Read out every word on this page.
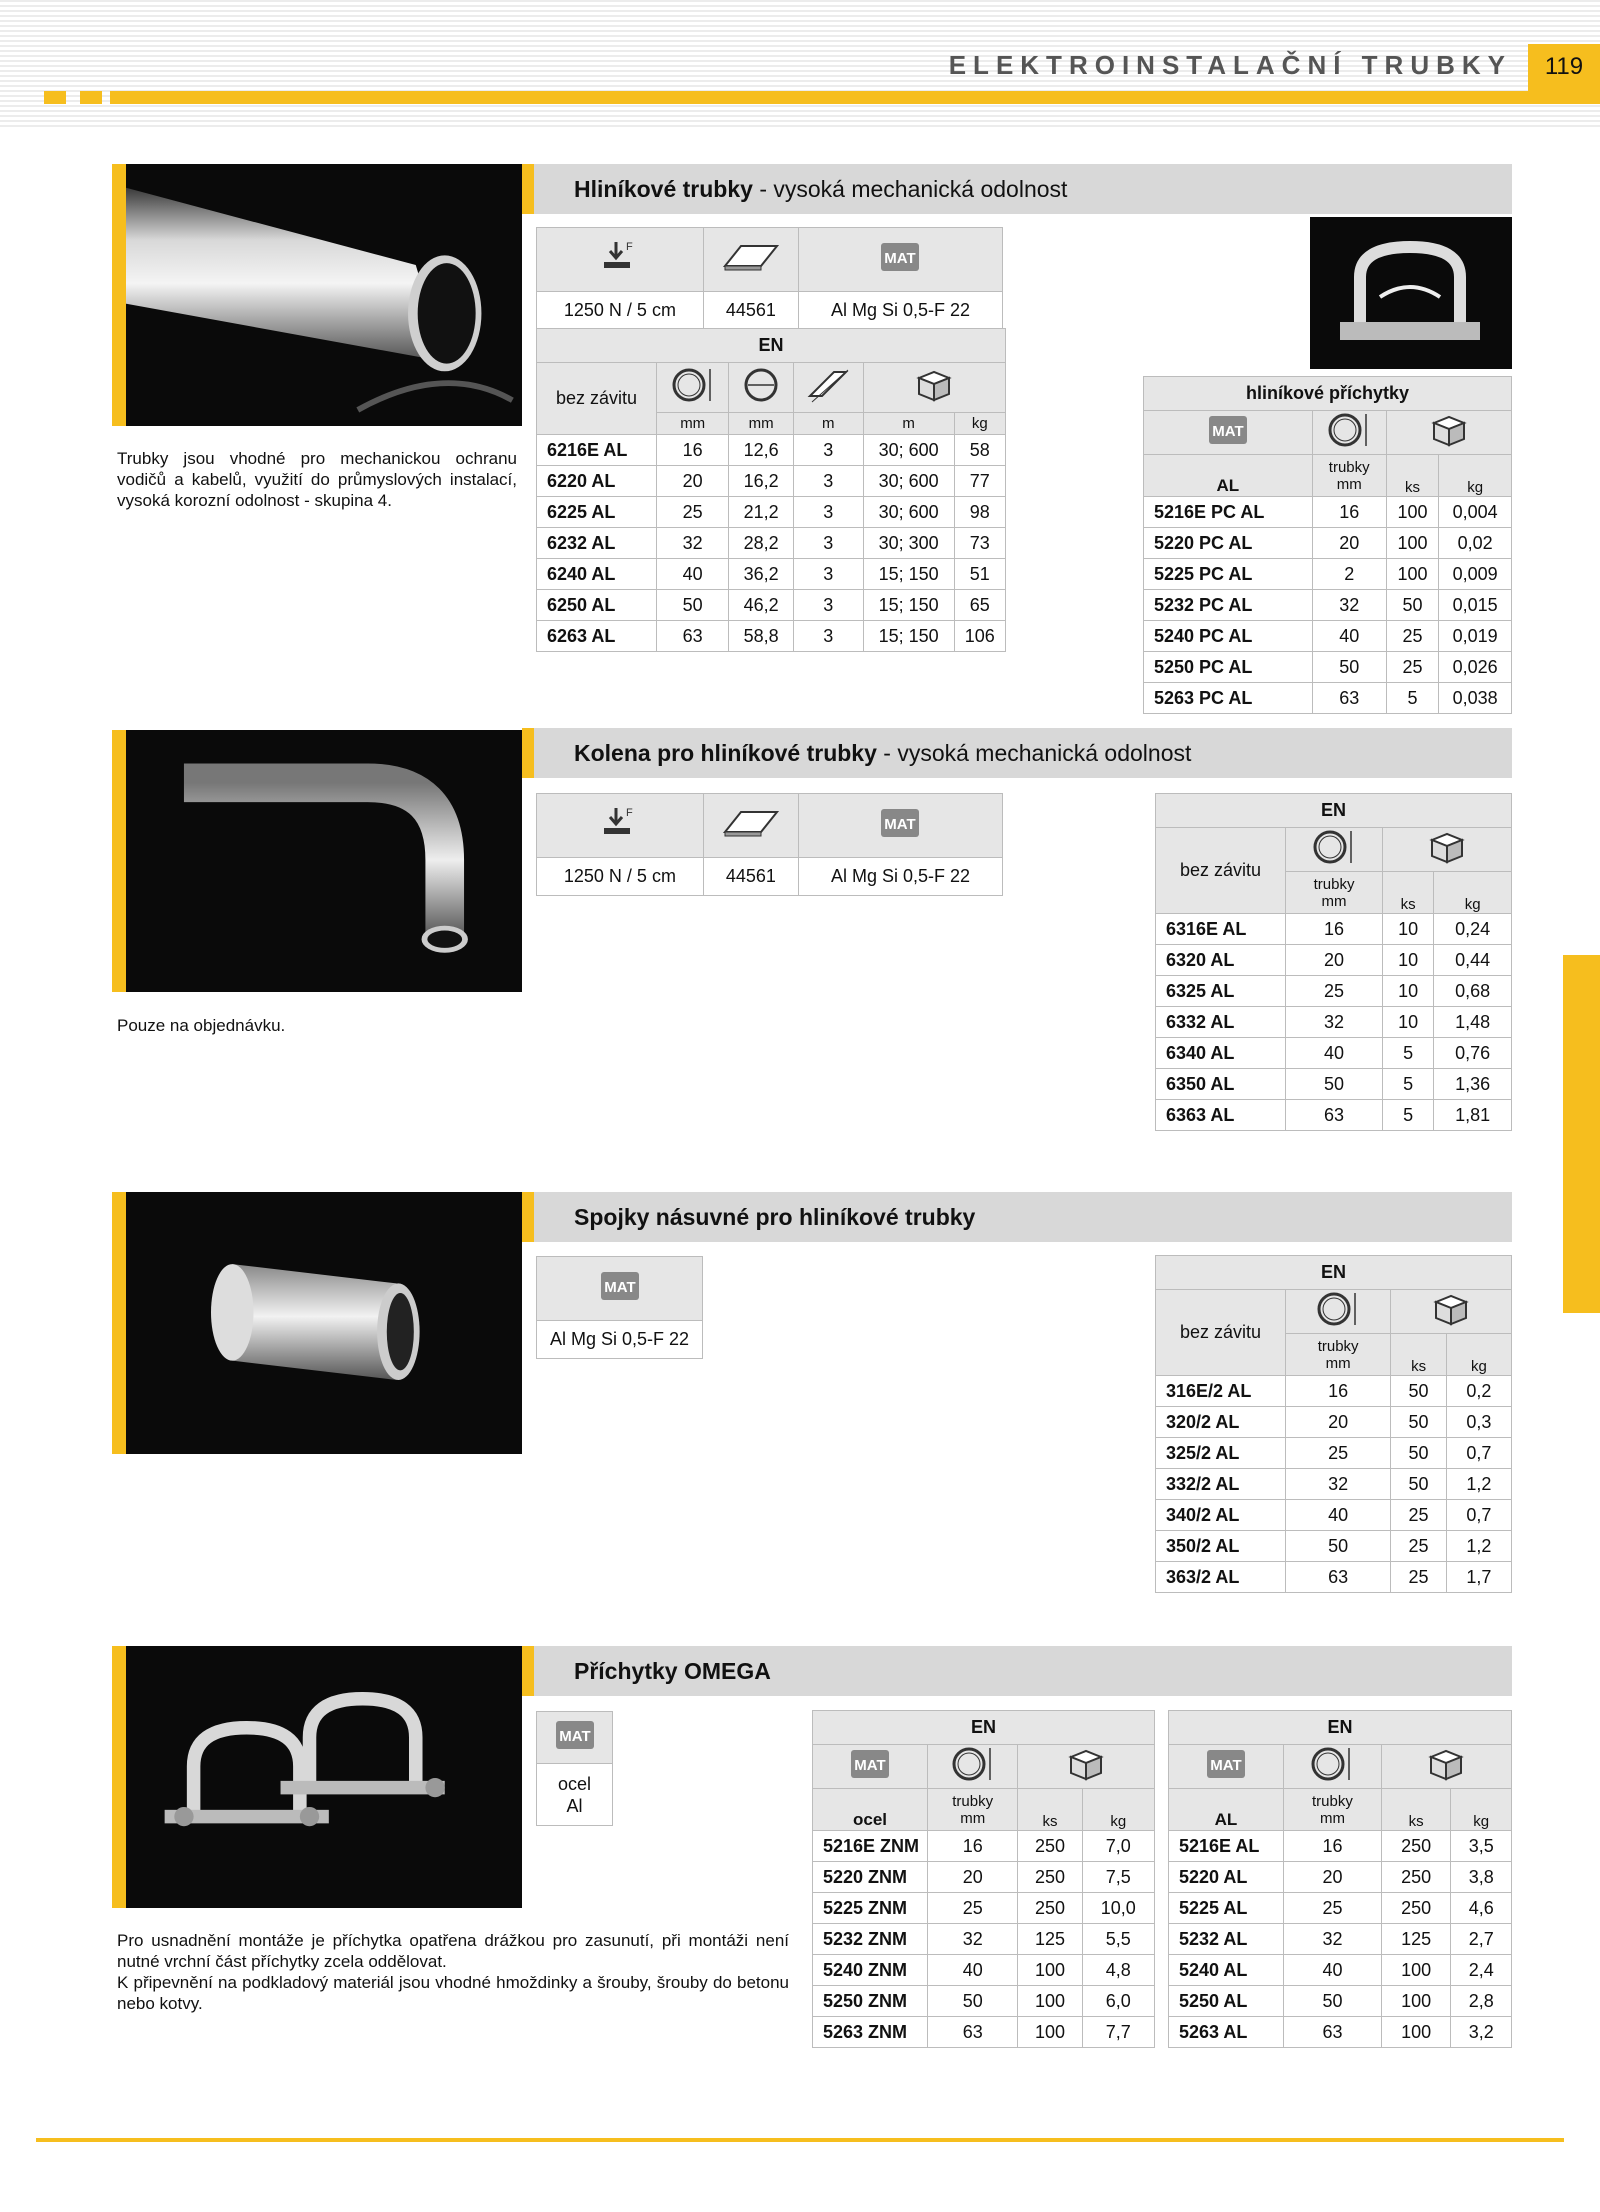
ELEKTROINSTALAČNÍ TRUBKY	119
Hliníkové trubky - vysoká mechanická odolnost
Trubky jsou vhodné pro mechanickou ochranu vodičů a kabelů, využití do průmyslových instalací, vysoká korozní odolnost - skupina 4.
F		MAT

1250 N / 5 cm	44561	Al Mg Si 0,5-F 22
EN					
bez závitu				
	mm	mm	m	m	kg
6216E AL	16	12,6	3	30; 600	58
6220 AL	20	16,2	3	30; 600	77
6225 AL	25	21,2	3	30; 600	98
6232 AL	32	28,2	3	30; 300	73
6240 AL	40	36,2	3	15; 150	51
6250 AL	50	46,2	3	15; 150	65
6263 AL	63	58,8	3	15; 150	106
hliníkové příchytky			

MAT

AL	trubky
mm	ks	kg
5216E PC AL	16	100	0,004
5220 PC AL	20	100	0,02
5225 PC AL	2	100	0,009
5232 PC AL	32	50	0,015
5240 PC AL	40	25	0,019
5250 PC AL	50	25	0,026
5263 PC AL	63	5	0,038
Kolena pro hliníkové trubky - vysoká mechanická odolnost
Pouze na objednávku.
F		MAT

1250 N / 5 cm	44561	Al Mg Si 0,5-F 22
EN			
bez závitu		

	trubky
mm	ks	kg
6316E AL	16	10	0,24
6320 AL	20	10	0,44
6325 AL	25	10	0,68
6332 AL	32	10	1,48
6340 AL	40	5	0,76
6350 AL	50	5	1,36
6363 AL	63	5	1,81
Spojky násuvné pro hliníkové trubky
MAT

Al Mg Si 0,5-F 22
EN			
bez závitu		

	trubky
mm	ks	kg
316E/2 AL	16	50	0,2
320/2 AL	20	50	0,3
325/2 AL	25	50	0,7
332/2 AL	32	50	1,2
340/2 AL	40	25	0,7
350/2 AL	50	25	1,2
363/2 AL	63	25	1,7
Příchytky OMEGA
Pro usnadnění montáže je příchytka opatřena drážkou pro zasunutí, při montáži není nutné vrchní část příchytky zcela oddělovat.
K připevnění na podkladový materiál jsou vhodné hmoždinky a šrouby, šrouby do betonu nebo kotvy.
MAT

ocel
Al
EN			

MAT

ocel	trubky
mm	ks	kg
5216E ZNM	16	250	7,0
5220 ZNM	20	250	7,5
5225 ZNM	25	250	10,0
5232 ZNM	32	125	5,5
5240 ZNM	40	100	4,8
5250 ZNM	50	100	6,0
5263 ZNM	63	100	7,7
EN			

MAT

AL	trubky
mm	ks	kg
5216E AL	16	250	3,5
5220 AL	20	250	3,8
5225 AL	25	250	4,6
5232 AL	32	125	2,7
5240 AL	40	100	2,4
5250 AL	50	100	2,8
5263 AL	63	100	3,2
